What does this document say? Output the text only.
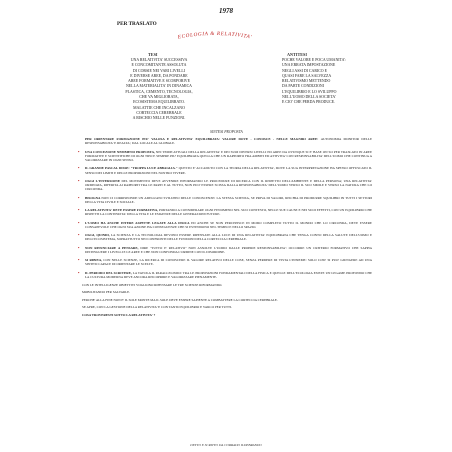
1978
PER TRASLATO
ECOLOGIA & RELATIVITA'
TESI	ANTITESI
UNA RELATIVITA' SUCCESSIVA
E CONCOMITANTE ASSOLUTA
DI CORSIE NEI VARI LIVELLI
E DIVERSE AREE, DA PONDARE
AREE FORMATIVE E SCORPORIVE
NELLA MATERIALITA' IN DINAMICA
PLASTICA, CEMENTO, TECNOLOGIA,
CHE VA MIGLIORATA,
ECOSISTEMA EQUILIBRATO.
MALATTIE CHE INCALZANO
CORTECCIA CEREBRALE
A RISCHIO NELLE FUNZIONI.
POCHE VALORE E POCA UMANITA':
UNA ERRATA IMPOSTAZIONE
NEGLI ASSI DI CARICO E
QUASI FARE LA SALVEZZA
RELATIVISMO METTENDO
DA PARTE CONDIZIONI
L'EQUILIBRIO E LO SVILUPPO
NELL'UOMO DELLA SOCIETA'
E CIO' CHE PERDA PRODUCE.
SINTESI PROPOSTA
PER ORIENTARE FORMAZIONE PIU' VALOSA E RELATIVITA' EQUILIBRATA: VALORE DOVE - CONOSCE - NELLE MAGNIRI AREE: AUTONOMIA MONITOR DELLE RESPONSABILITA' E REALTA', DAL LOCALE AL GLOBALE.
• UNA CONCEZIONE NEMMENO PROPOSTA, NEI TEMPI ATTUALI DELLA RELATIVITA' E DEI SUOI DIVERSI LIVELLI ED AREE DA OVUNQUE SI E' BASE ON SO PER TRASLATO IN AREE FORMATIVE E SCIENTIFICHE DI OGNI TIPO E SEMPRE PIU' EQUILIBRATA QUELLA CHE UN RAPPORTO FRA AMBITI ED ATTIVITA' CON RESPONSABILITA' DELL'UOMO CHE CONTINUA A VALORIZZARE IN OGNI SENSO.
• IL GRANDE PASCAL DISSE: "TROPPA LUCE ABBAGLIA." QUESTO E' ACCADUTO CON LA TEORIA DELLA RELATIVITA', DOVE LA SUA INTERPRETAZIONE HA SPESSO OFFUSCATO IL SENSO DEI LIMITI E DELLE PROPORZIONI NEL NOSTRO VIVERE.
• OGGI L'INVERSIONE DEL MOVIMENTO DEVE AVVENIRE INFORMANDO LE PROCEDURE DI RICERCA CON IL RISPETTO DELL'AMBIENTE E DELLA PERSONA; UNA RELATIVITA' ORDINATA, RIFERITA AI RAPPORTI TRA LE PARTI E AL TUTTO, NON PUO' ESSERE SCISSA DALLA RESPONSABILITA' DELL'UOMO VERSO IL SUO SIMILE E VERSO LA NATURA CHE LO CIRCONDA.
• BISOGNA NON CI CORRISPONDE UN ADEGUATO SVILUPPO DELLE CONOSCENZE: LA STESSA SCIENZA, SE PRIVA DI VALORI, RISCHIA DI PRODURRE SQUILIBRI IN TUTTI I SETTORI DELLA VITA CIVILE E SOCIALE.
• LA RELATIVITA' DEVE ESSERE FORMATIVA, PORTANDO A CONSIDERARE OGNI FENOMENO NEL SUO CONTESTO, NELLE SUE CAUSE E NEI SUOI EFFETTI, CON UN EQUILIBRIO CHE RISPETTI LA CONTINUITA' DELLA VITA E LE ESIGENZE DELLE GENERAZIONI FUTURE.
• L'UOMO HA ANCHE INTERE ASPETTE LEGATE ALLA FISICA ED ANCHE SE NON PERCEPISCE IN MODO COMPLETO TUTTO IL MONDO CHE LO CIRCONDA, DEVE ESSERE CONSAPEVOLE CHE OGNI SUA AZIONE HA CONSEGUENZE CHE SI ESTENDONO NEL TEMPO E NELLO SPAZIO.
• OGGI, QUINDI, LA SCIENZA E LA TECNOLOGIA DEVONO ESSERE RIPENSATE ALLA LUCE DI UNA RELATIVITA' EQUILIBRATA CHE TENGA CONTO DELLA SALUTE DELL'UOMO E DELL'ECOSISTEMA, SOPRATTUTTO NEI CONFRONTI DELLE FUNZIONI DELLA CORTECCIA CEREBRALE.
• NON RINUNCIARE A PENSARE, DIRE "TUTTO E' RELATIVO" NON ASSOLVE L'UOMO DALLE PROPRIE RESPONSABILITA': OCCORRE UN CRITERIO FORMATIVO CHE SAPPIA DISTINGUERE I LIVELLI E LE AREE E CHE NON CONFONDA L'ORDINE CON IL DISORDINE.
• SI RIBIVA, CON NELLE SCIENZE, LA RICERCA DI CONOSCERE IL VALORE RELATIVO DELLE COSE, SENZA PERDERE DI VISTA L'INSIEME: SOLO COSI' SI PUO' GIUNGERE AD UNA SINTESI CAPACE DI ORIENTARE LE SCELTE.
• IL PERIODO DEL SCRIVERE, LA TAVOLA IL PARALLELISMO: TRA LE PROPOSIZIONI FONDAMENTALI DELLA FISICA E QUELLE DELL'ECOLOGIA ESISTE UN LEGAME PROFONDO CHE LA CULTURA MODERNA DEVE ANCORA RISCOPRIRE E VALORIZZARE PIENAMENTE.
CON LE INTELLIGENZE OBIETTIVI VOGLIONO RIPENSARE LE TRE SCIENZE RIFORMANDO.
MOBILITANDO PER SALVARLE.
PERCHE' ALLA FINE NON E' IL SOLE MONTE MA IL SOLE DEVE ESSERE SAPIENTE A COMBATTERE LA CORTECCIA CEREBRALE.
SE APRE, CON LA GESTIONE DELLA RELATIVITA' E CON TANTO EQUILIBRIO E VARCO PER TUTTI.
COSA TROVERESTI SOTTO LA RELATIVITA' ?
DETTO E SCRITTO DA CORRADO ILDEBRANDO
